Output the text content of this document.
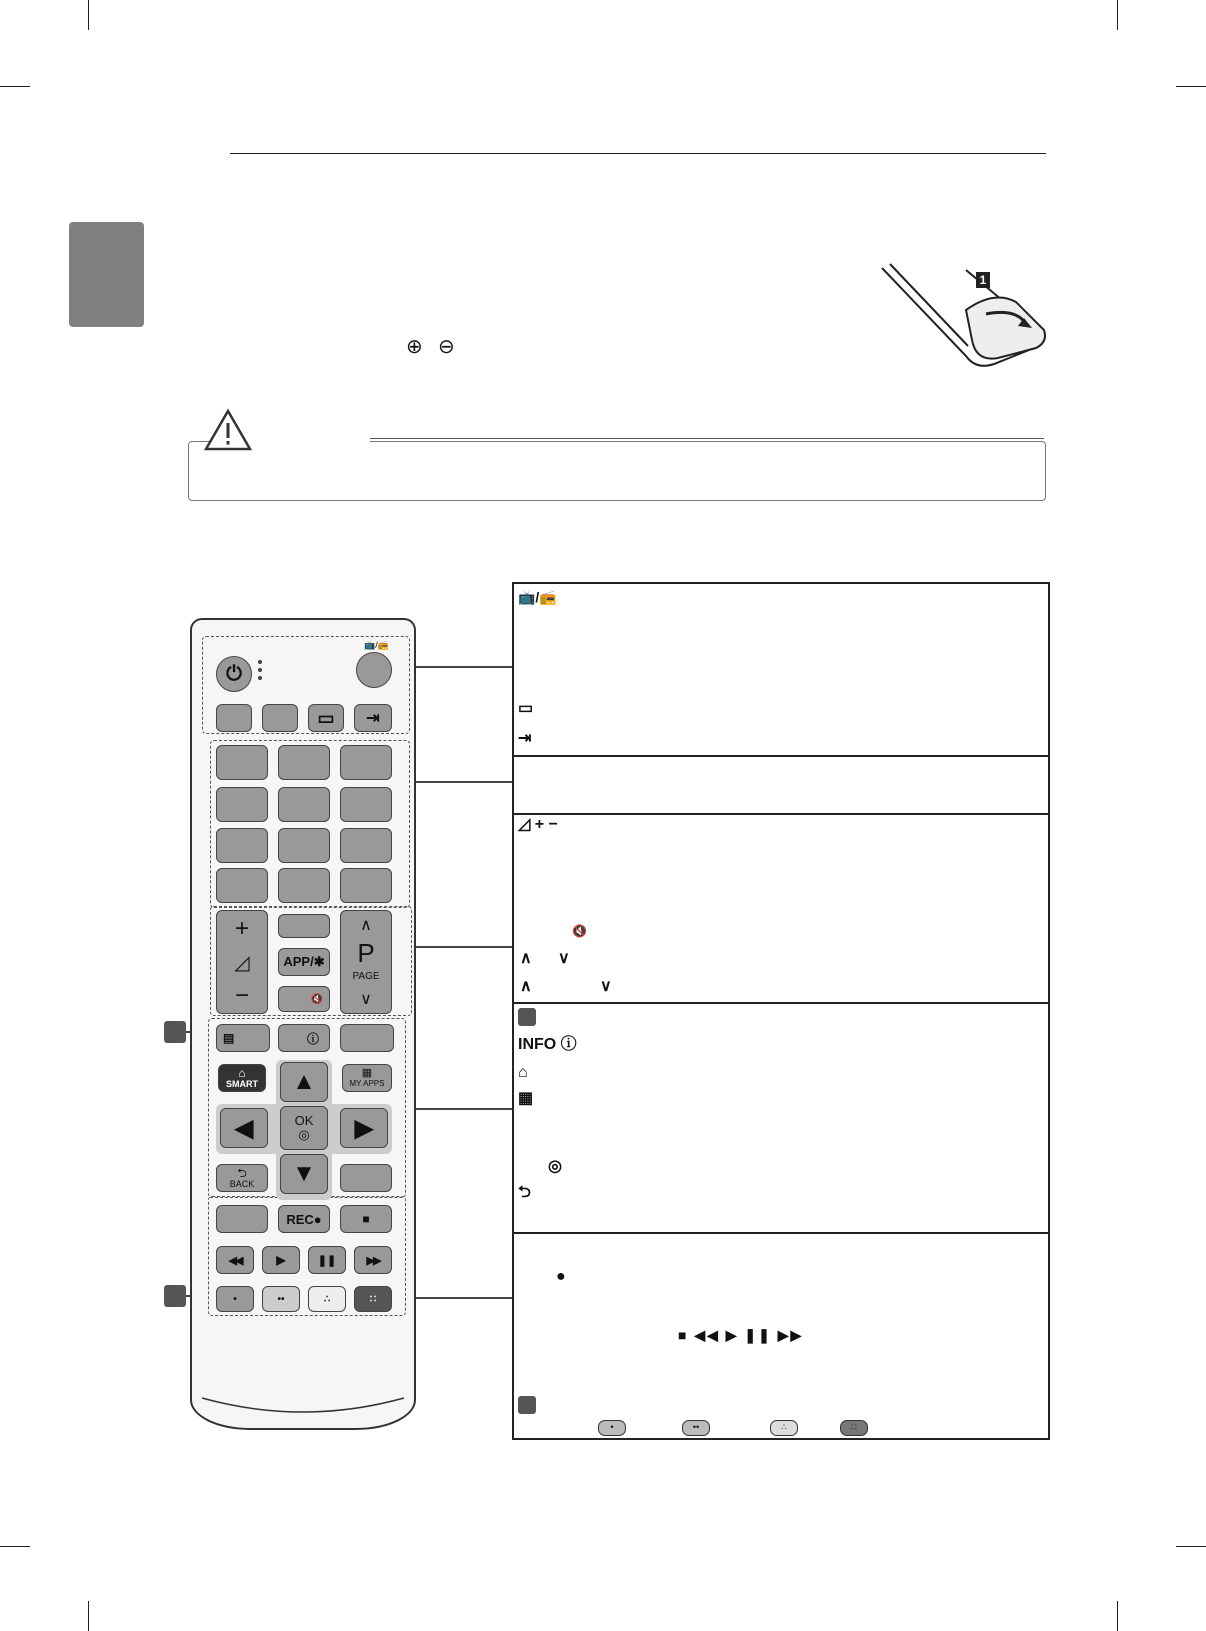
⊕ ⊖
1
📺/📻
▭
⇥
◿ + −
🔇
∧ ∨
∧	∨
INFO ⓘ
⌂
▦
◎
⮌
●
■ ◀◀ ▶ ❚❚ ▶▶
•	••	∴	∷
⏻
📺/📻
▭ ⇥
+
◿
−
APP/✱
🔇
∧
P
PAGE
∨
▤	ⓘ
⌂
SMART
▦
MY APPS
▲
◀	OK
◎ ▶
▼
⮌
BACK
REC●	■
◀◀	▶	❚❚	▶▶
•	••	∴	∷
